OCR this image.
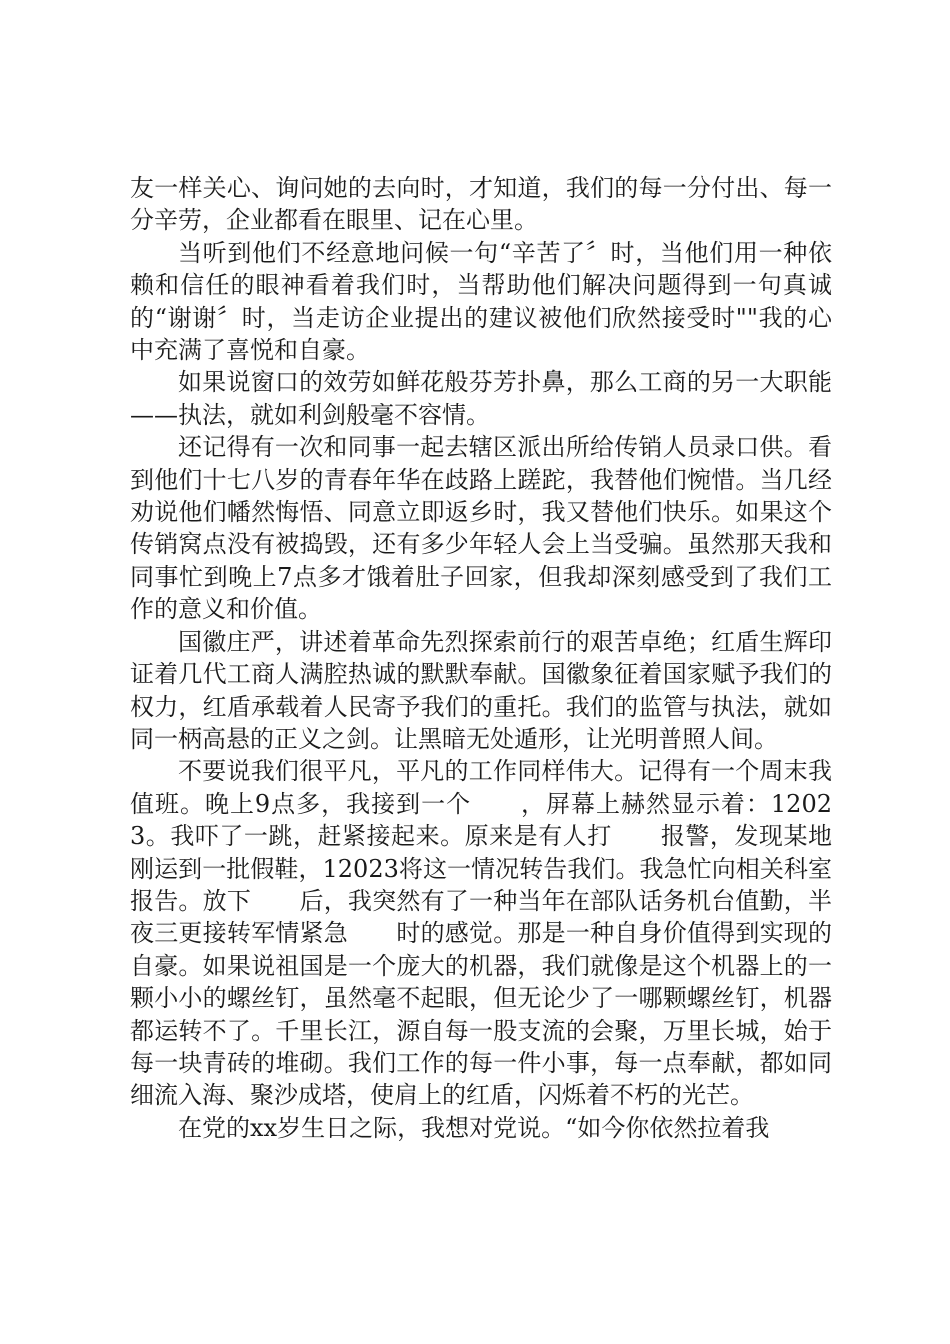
友一样关心、询问她的去向时，才知道，我们的每一分付出、每一分辛劳，企业都看在眼里、记在心里。

当听到他们不经意地问候一句“辛苦了〞时，当他们用一种依赖和信任的眼神看着我们时，当帮助他们解决问题得到一句真诚的“谢谢〞时，当走访企业提出的建议被他们欣然接受时""我的心中充满了喜悦和自豪。

如果说窗口的效劳如鲜花般芬芳扑鼻，那么工商的另一大职能——执法，就如利剑般毫不容情。

还记得有一次和同事一起去辖区派出所给传销人员录口供。看到他们十七八岁的青春年华在歧路上蹉跎，我替他们惋惜。当几经劝说他们幡然悔悟、同意立即返乡时，我又替他们快乐。如果这个传销窝点没有被捣毁，还有多少年轻人会上当受骗。虽然那天我和同事忙到晚上7点多才饿着肚子回家，但我却深刻感受到了我们工作的意义和价值。

国徽庄严，讲述着革命先烈探索前行的艰苦卓绝；红盾生辉印证着几代工商人满腔热诚的默默奉献。国徽象征着国家赋予我们的权力，红盾承载着人民寄予我们的重托。我们的监管与执法，就如同一柄高悬的正义之剑。让黑暗无处遁形，让光明普照人间。

不要说我们很平凡，平凡的工作同样伟大。记得有一个周末我值班。晚上9点多，我接到一个　　，屏幕上赫然显示着：12023。我吓了一跳，赶紧接起来。原来是有人打　　报警，发现某地刚运到一批假鞋，12023将这一情况转告我们。我急忙向相关科室报告。放下　　后，我突然有了一种当年在部队话务机台值勤，半夜三更接转军情紧急　　时的感觉。那是一种自身价值得到实现的自豪。如果说祖国是一个庞大的机器，我们就像是这个机器上的一颗小小的螺丝钉，虽然毫不起眼，但无论少了一哪颗螺丝钉，机器都运转不了。千里长江，源自每一股支流的会聚，万里长城，始于每一块青砖的堆砌。我们工作的每一件小事，每一点奉献，都如同细流入海、聚沙成塔，使肩上的红盾，闪烁着不朽的光芒。

在党的xx岁生日之际，我想对党说。“如今你依然拉着我
